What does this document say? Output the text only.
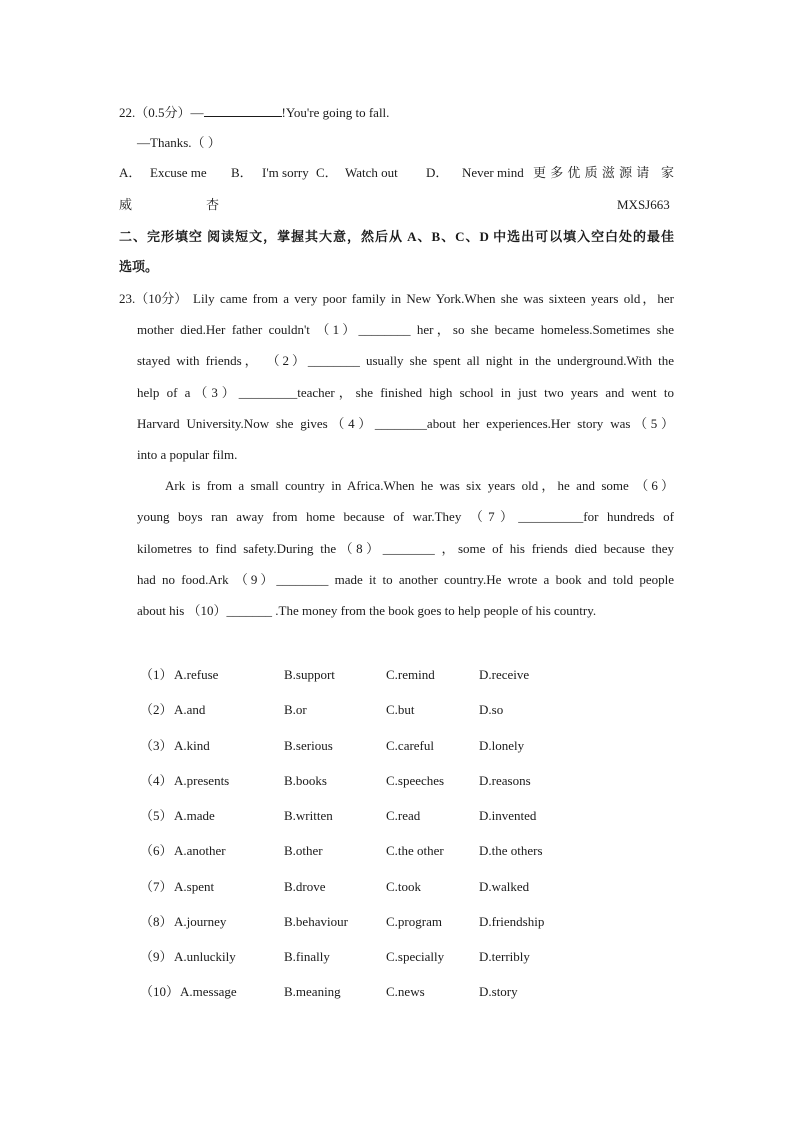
22.（0.5分）—	!You're going to fall.
—Thanks.（ ）
A． Excuse me B． I'm sorry C． Watch out D． Never mind 更多优质滋源请 家
威	杏	MXSJ663
二、完形填空 阅读短文，掌握其大意，然后从 A、B、C、D 中选出可以填入空白处的最佳
选项。
23.（10分） Lily came from a very poor family in New York.When she was sixteen years old，her
mother died.Her father couldn't （1）________ her，so she became homeless.Sometimes she
stayed with friends， （2）________ usually she spent all night in the underground.With the
help of a（3）_________teacher，she finished high school in just two years and went to
Harvard University.Now she gives（4）________about her experiences.Her story was（5）
into a popular film.
Ark is from a small country in Africa.When he was six years old，he and some （6）
young boys ran away from home because of war.They （7）__________for hundreds of
kilometres to find safety.During the（8）________ ，some of his friends died because they
had no food.Ark （9）________ made it to another country.He wrote a book and told people
about his （10）_______ .The money from the book goes to help people of his country.
（1） A.refuse	B.support	C.remind	D.receive
（2） A.and	B.or	C.but	D.so
（3） A.kind	B.serious	C.careful	D.lonely
（4） A.presents	B.books	C.speeches	D.reasons
（5） A.made	B.written	C.read	D.invented
（6） A.another	B.other	C.the other	D.the others
（7） A.spent	B.drove	C.took	D.walked
（8） A.journey	B.behaviour	C.program	D.friendship
（9） A.unluckily	B.finally	C.specially	D.terribly
（10） A.message	B.meaning	C.news	D.story
